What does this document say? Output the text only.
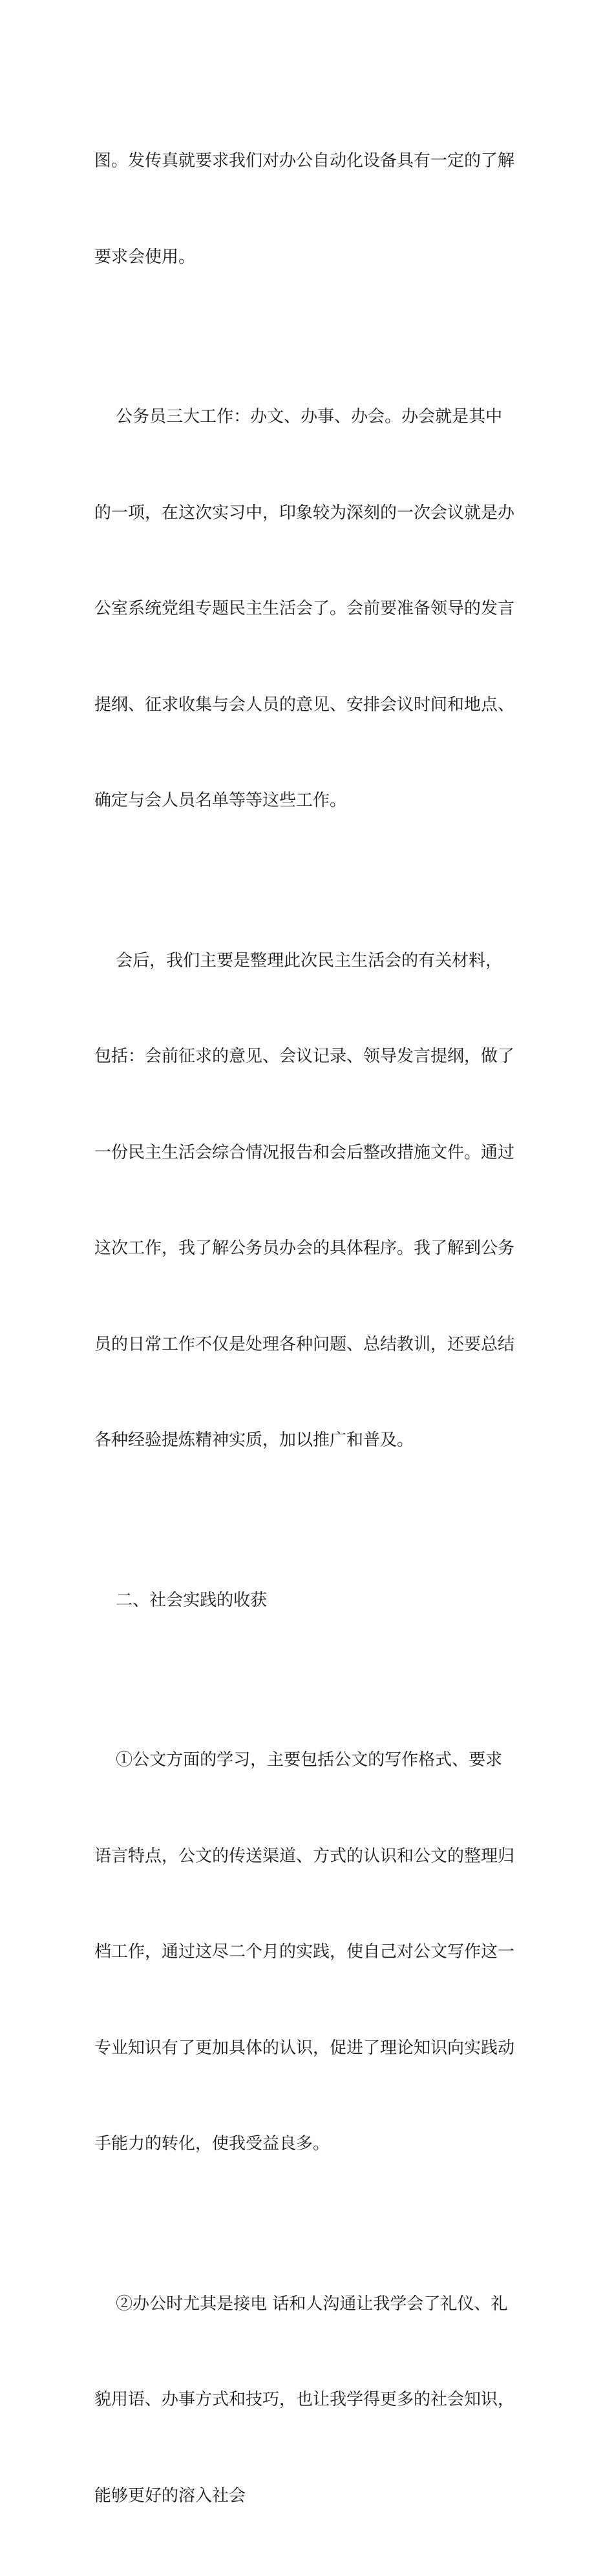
图。发传真就要求我们对办公自动化设备具有一定的了解

要求会使用。

公务员三大工作：办文、办事、办会。办会就是其中

的一项，在这次实习中，印象较为深刻的一次会议就是办

公室系统党组专题民主生活会了。会前要准备领导的发言

提纲、征求收集与会人员的意见、安排会议时间和地点、

确定与会人员名单等等这些工作。

会后，我们主要是整理此次民主生活会的有关材料，

包括：会前征求的意见、会议记录、领导发言提纲，做了

一份民主生活会综合情况报告和会后整改措施文件。通过

这次工作，我了解公务员办会的具体程序。我了解到公务

员的日常工作不仅是处理各种问题、总结教训，还要总结

各种经验提炼精神实质，加以推广和普及。

二、社会实践的收获

①公文方面的学习，主要包括公文的写作格式、要求

语言特点，公文的传送渠道、方式的认识和公文的整理归

档工作，通过这尽二个月的实践，使自己对公文写作这一

专业知识有了更加具体的认识，促进了理论知识向实践动

手能力的转化，使我受益良多。

②办公时尤其是接电 话和人沟通让我学会了礼仪、礼

貌用语、办事方式和技巧，也让我学得更多的社会知识，

能够更好的溶入社会
